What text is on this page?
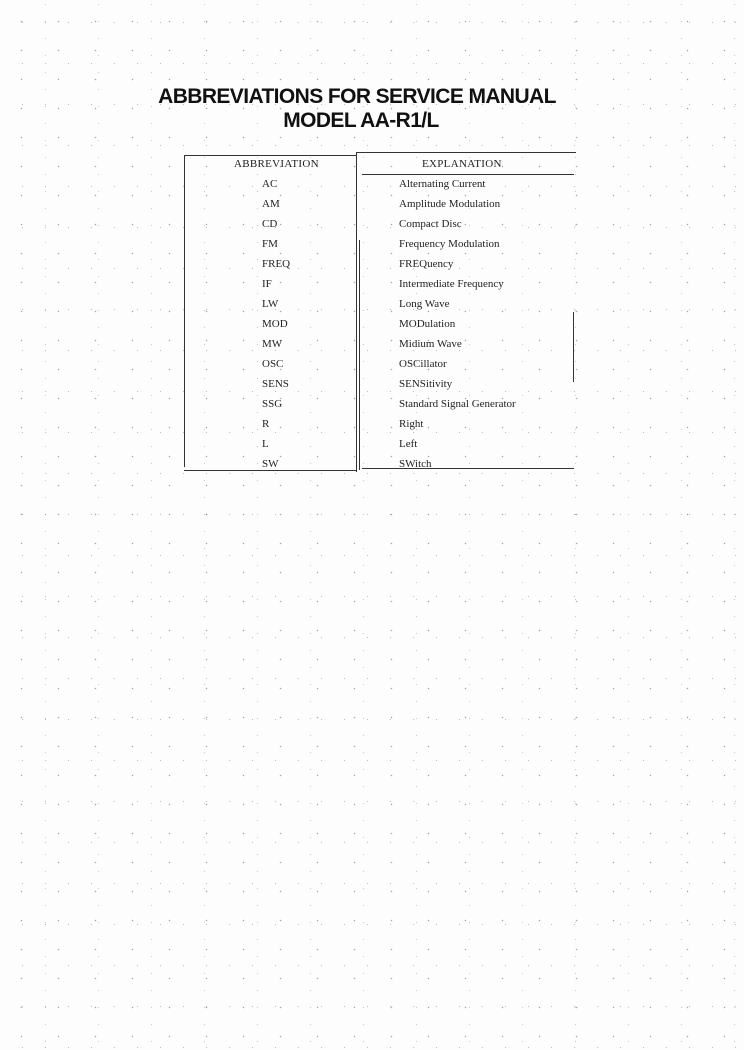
ABBREVIATIONS FOR SERVICE MANUAL
MODEL AA-R1/L
ABBREVIATION	EXPLANATION
AC	Alternating Current
AM	Amplitude Modulation
CD	Compact Disc
FM	Frequency Modulation
FREQ	FREQuency
IF	Intermediate Frequency
LW	Long Wave
MOD	MODulation
MW	Midium Wave
OSC	OSCillator
SENS	SENSitivity
SSG	Standard Signal Generator
R	Right
L	Left
SW	SWitch
